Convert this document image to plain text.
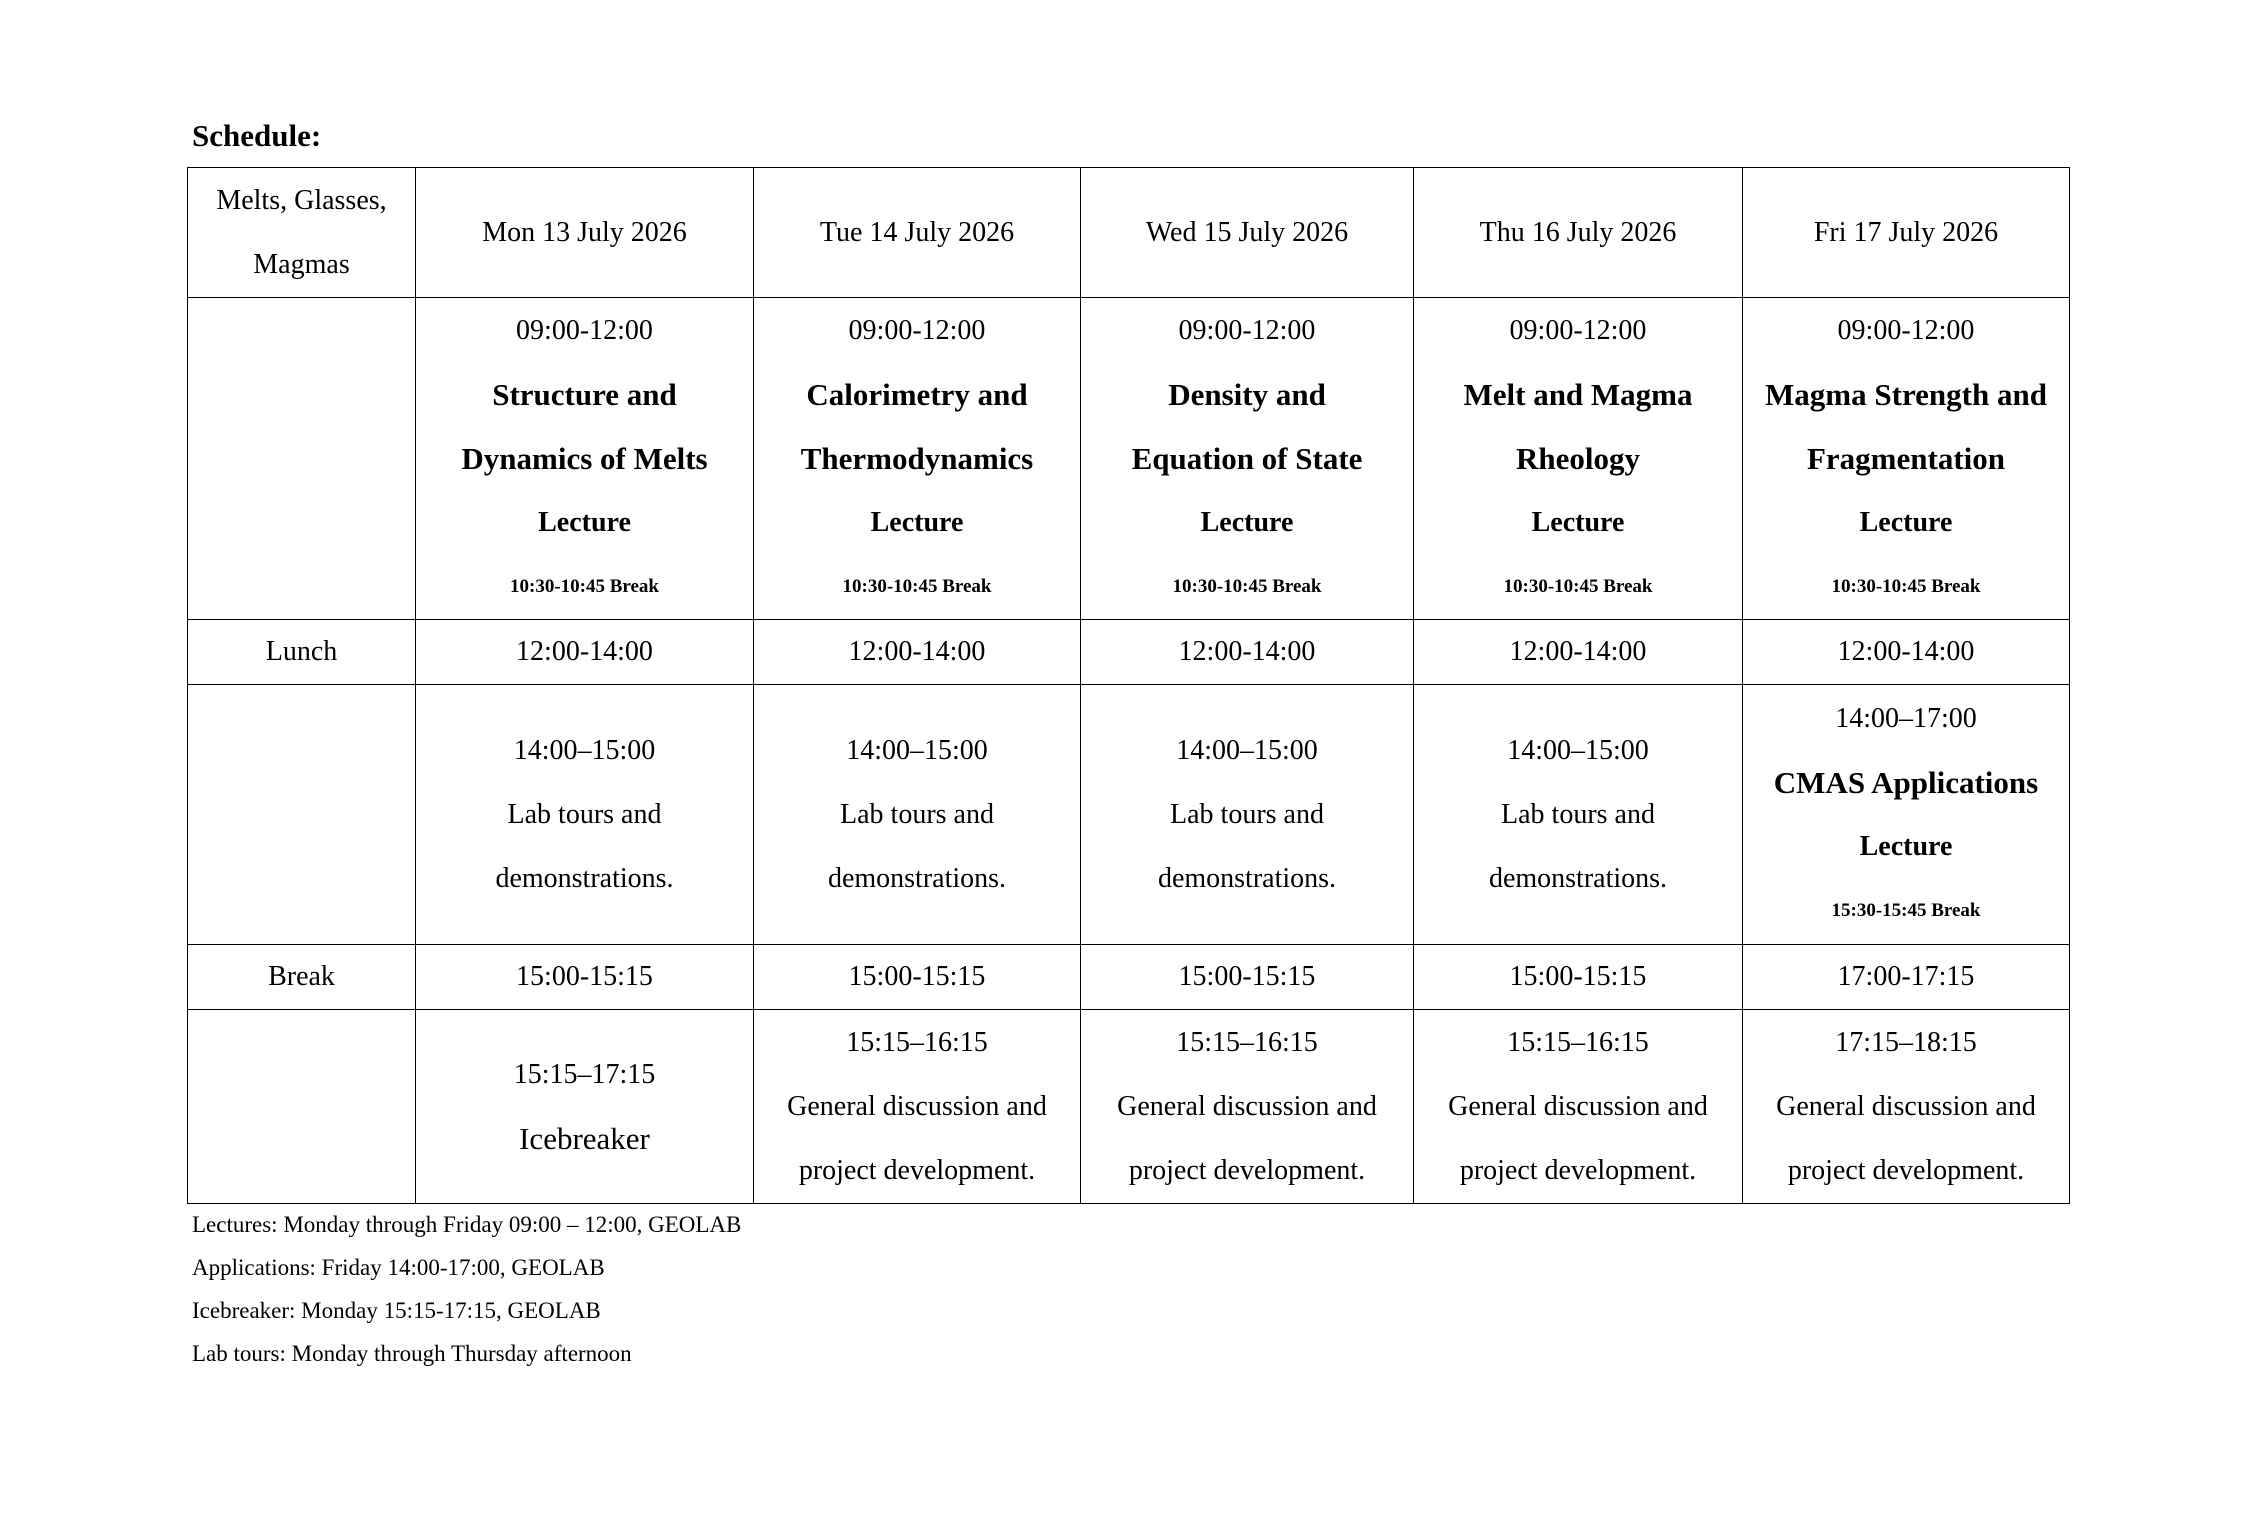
Schedule:
Melts, Glasses, Magmas	Mon 13 July 2026	Tue 14 July 2026	Wed 15 July 2026	Thu 16 July 2026	Fri 17 July 2026

	09:00-12:00
Structure and
Dynamics of Melts
Lecture
10:30-10:45 Break	09:00-12:00
Calorimetry and
Thermodynamics
Lecture
10:30-10:45 Break	09:00-12:00
Density and
Equation of State
Lecture
10:30-10:45 Break	09:00-12:00
Melt and Magma
Rheology
Lecture
10:30-10:45 Break	09:00-12:00
Magma Strength and
Fragmentation
Lecture
10:30-10:45 Break

Lunch	12:00-14:00	12:00-14:00	12:00-14:00	12:00-14:00	12:00-14:00

	14:00–15:00
Lab tours and
demonstrations.	14:00–15:00
Lab tours and
demonstrations.	14:00–15:00
Lab tours and
demonstrations.	14:00–15:00
Lab tours and
demonstrations.	14:00–17:00
CMAS Applications
Lecture
15:30-15:45 Break

Break	15:00-15:15	15:00-15:15	15:00-15:15	15:00-15:15	17:00-17:15

	15:15–17:15
Icebreaker	15:15–16:15
General discussion and
project development.	15:15–16:15
General discussion and
project development.	15:15–16:15
General discussion and
project development.	17:15–18:15
General discussion and
project development.
Lectures: Monday through Friday 09:00 – 12:00, GEOLAB
Applications: Friday 14:00-17:00, GEOLAB
Icebreaker: Monday 15:15-17:15, GEOLAB
Lab tours: Monday through Thursday afternoon
